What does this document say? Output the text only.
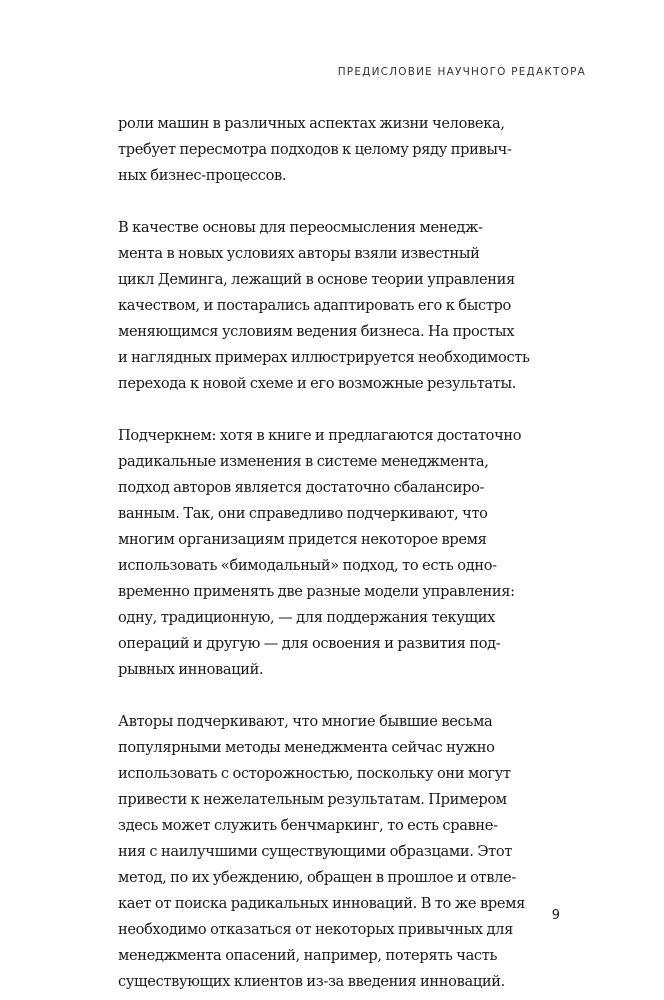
ПРЕДИСЛОВИЕ НАУЧНОГО РЕДАКТОРА

роли машин в различных аспектах жизни человека,
требует пересмотра подходов к целому ряду привыч-
ных бизнес-процессов.

В качестве основы для переосмысления менедж-
мента в новых условиях авторы взяли известный
цикл Деминга, лежащий в основе теории управления
качеством, и постарались адаптировать его к быстро
меняющимся условиям ведения бизнеса. На простых
и наглядных примерах иллюстрируется необходимость
перехода к новой схеме и его возможные результаты.

Подчеркнем: хотя в книге и предлагаются достаточно
радикальные изменения в системе менеджмента,
подход авторов является достаточно сбалансиро-
ванным. Так, они справедливо подчеркивают, что
многим организациям придется некоторое время
использовать «бимодальный» подход, то есть одно-
временно применять две разные модели управления:
одну, традиционную, — для поддержания текущих
операций и другую — для освоения и развития под-
рывных инноваций.

Авторы подчеркивают, что многие бывшие весьма
популярными методы менеджмента сейчас нужно
использовать с осторожностью, поскольку они могут
привести к нежелательным результатам. Примером
здесь может служить бенчмаркинг, то есть сравне-
ния с наилучшими существующими образцами. Этот
метод, по их убеждению, обращен в прошлое и отвле-
кает от поиска радикальных инноваций. В то же время
необходимо отказаться от некоторых привычных для
менеджмента опасений, например, потерять часть
существующих клиентов из-за введения инноваций.

9
